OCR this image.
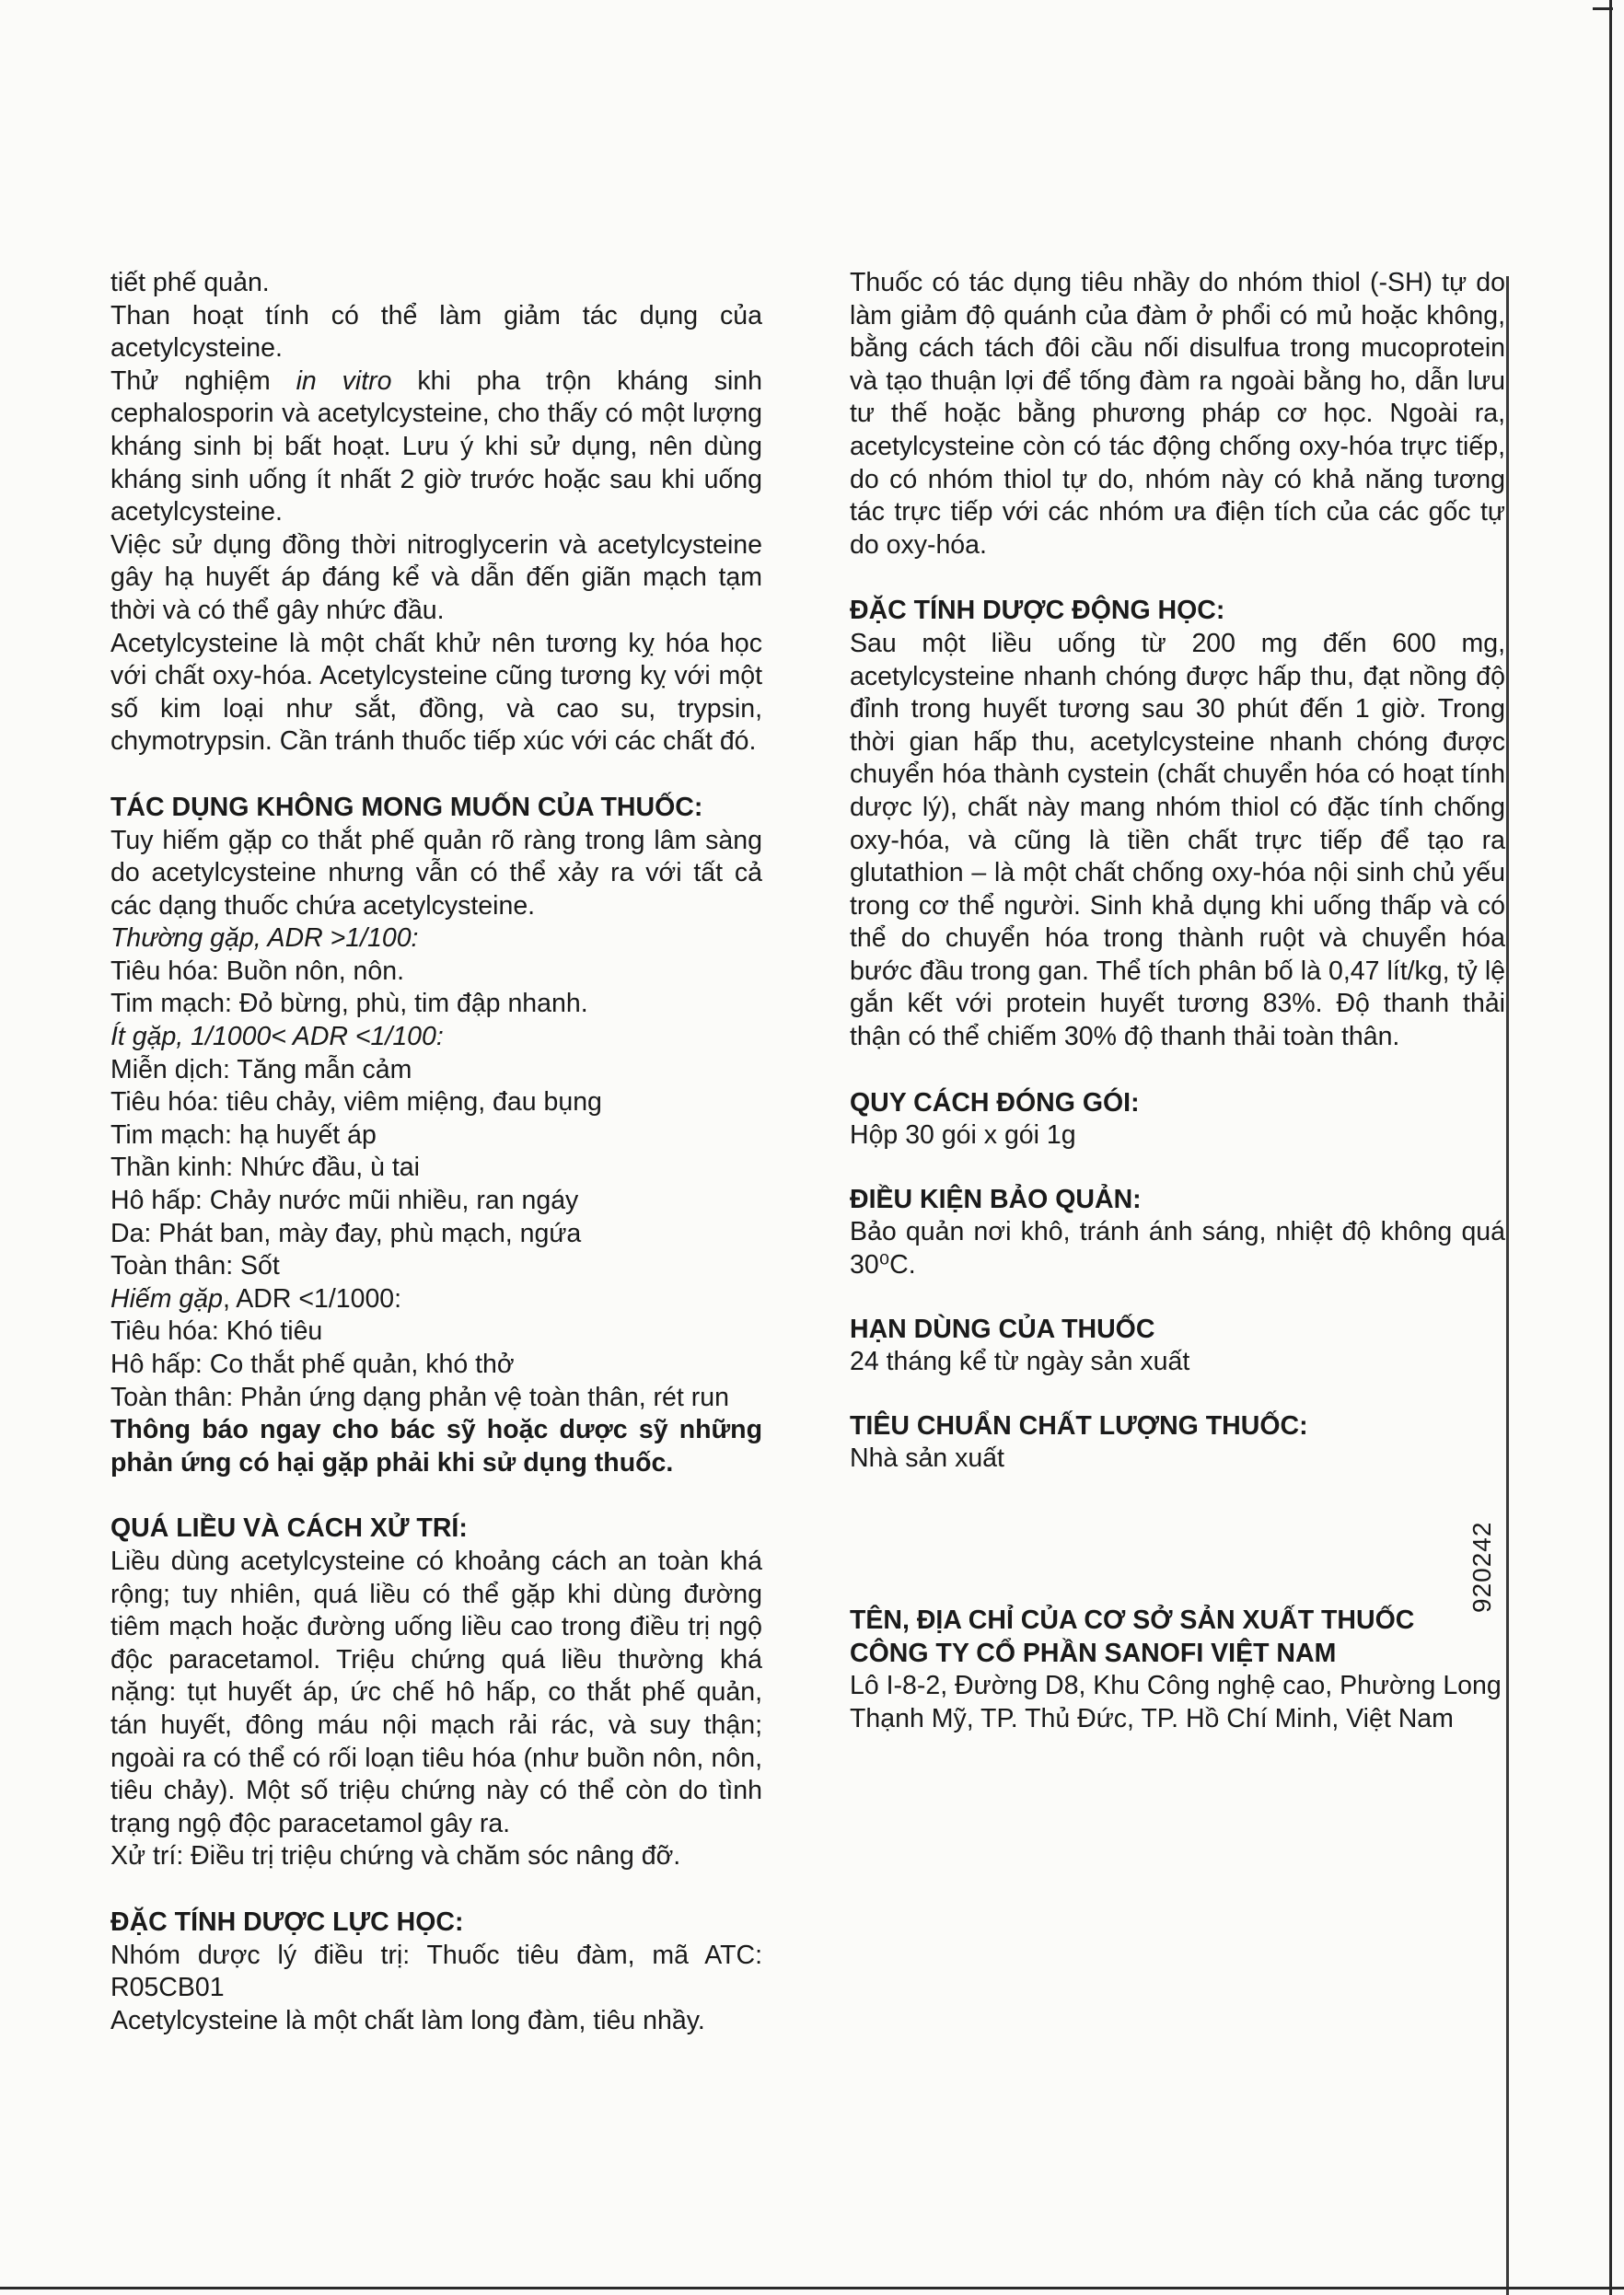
tiết phế quản.

Than hoạt tính có thể làm giảm tác dụng của acetylcysteine.

Thử nghiệm in vitro khi pha trộn kháng sinh cephalosporin và acetylcysteine, cho thấy có một lượng kháng sinh bị bất hoạt. Lưu ý khi sử dụng, nên dùng kháng sinh uống ít nhất 2 giờ trước hoặc sau khi uống acetylcysteine.

Việc sử dụng đồng thời nitroglycerin và acetylcysteine gây hạ huyết áp đáng kể và dẫn đến giãn mạch tạm thời và có thể gây nhức đầu.

Acetylcysteine là một chất khử nên tương kỵ hóa học với chất oxy-hóa. Acetylcysteine cũng tương kỵ với một số kim loại như sắt, đồng, và cao su, trypsin, chymotrypsin. Cần tránh thuốc tiếp xúc với các chất đó.

TÁC DỤNG KHÔNG MONG MUỐN CỦA THUỐC:

Tuy hiếm gặp co thắt phế quản rõ ràng trong lâm sàng do acetylcysteine nhưng vẫn có thể xảy ra với tất cả các dạng thuốc chứa acetylcysteine.

Thường gặp, ADR >1/100:

Tiêu hóa: Buồn nôn, nôn.

Tim mạch: Đỏ bừng, phù, tim đập nhanh.

Ít gặp, 1/1000< ADR <1/100:

Miễn dịch: Tăng mẫn cảm

Tiêu hóa: tiêu chảy, viêm miệng, đau bụng

Tim mạch: hạ huyết áp

Thần kinh: Nhức đầu, ù tai

Hô hấp: Chảy nước mũi nhiều, ran ngáy

Da: Phát ban, mày đay, phù mạch, ngứa

Toàn thân: Sốt

Hiếm gặp, ADR <1/1000:

Tiêu hóa: Khó tiêu

Hô hấp: Co thắt phế quản, khó thở

Toàn thân: Phản ứng dạng phản vệ toàn thân, rét run

Thông báo ngay cho bác sỹ hoặc dược sỹ những phản ứng có hại gặp phải khi sử dụng thuốc.

QUÁ LIỀU VÀ CÁCH XỬ TRÍ:

Liều dùng acetylcysteine có khoảng cách an toàn khá rộng; tuy nhiên, quá liều có thể gặp khi dùng đường tiêm mạch hoặc đường uống liều cao trong điều trị ngộ độc paracetamol. Triệu chứng quá liều thường khá nặng: tụt huyết áp, ức chế hô hấp, co thắt phế quản, tán huyết, đông máu nội mạch rải rác, và suy thận; ngoài ra có thể có rối loạn tiêu hóa (như buồn nôn, nôn, tiêu chảy). Một số triệu chứng này có thể còn do tình trạng ngộ độc paracetamol gây ra.

Xử trí: Điều trị triệu chứng và chăm sóc nâng đỡ.

ĐẶC TÍNH DƯỢC LỰC HỌC:

Nhóm dược lý điều trị: Thuốc tiêu đàm, mã ATC: R05CB01

Acetylcysteine là một chất làm long đàm, tiêu nhầy.

Thuốc có tác dụng tiêu nhầy do nhóm thiol (-SH) tự do làm giảm độ quánh của đàm ở phổi có mủ hoặc không, bằng cách tách đôi cầu nối disulfua trong mucoprotein và tạo thuận lợi để tống đàm ra ngoài bằng ho, dẫn lưu tư thế hoặc bằng phương pháp cơ học. Ngoài ra, acetylcysteine còn có tác động chống oxy-hóa trực tiếp, do có nhóm thiol tự do, nhóm này có khả năng tương tác trực tiếp với các nhóm ưa điện tích của các gốc tự do oxy-hóa.

ĐẶC TÍNH DƯỢC ĐỘNG HỌC:

Sau một liều uống từ 200 mg đến 600 mg, acetylcysteine nhanh chóng được hấp thu, đạt nồng độ đỉnh trong huyết tương sau 30 phút đến 1 giờ. Trong thời gian hấp thu, acetylcysteine nhanh chóng được chuyển hóa thành cystein (chất chuyển hóa có hoạt tính dược lý), chất này mang nhóm thiol có đặc tính chống oxy-hóa, và cũng là tiền chất trực tiếp để tạo ra glutathion – là một chất chống oxy-hóa nội sinh chủ yếu trong cơ thể người. Sinh khả dụng khi uống thấp và có thể do chuyển hóa trong thành ruột và chuyển hóa bước đầu trong gan. Thể tích phân bố là 0,47 lít/kg, tỷ lệ gắn kết với protein huyết tương 83%. Độ thanh thải thận có thể chiếm 30% độ thanh thải toàn thân.

QUY CÁCH ĐÓNG GÓI:

Hộp 30 gói x gói 1g

ĐIỀU KIỆN BẢO QUẢN:

Bảo quản nơi khô, tránh ánh sáng, nhiệt độ không quá 30⁰C.

HẠN DÙNG CỦA THUỐC

24 tháng kể từ ngày sản xuất

TIÊU CHUẨN CHẤT LƯỢNG THUỐC:

Nhà sản xuất

TÊN, ĐỊA CHỈ CỦA CƠ SỞ SẢN XUẤT THUỐC

CÔNG TY CỔ PHẦN SANOFI VIỆT NAM

Lô I-8-2, Đường D8, Khu Công nghệ cao, Phường Long Thạnh Mỹ, TP. Thủ Đức, TP. Hồ Chí Minh, Việt Nam

920242
